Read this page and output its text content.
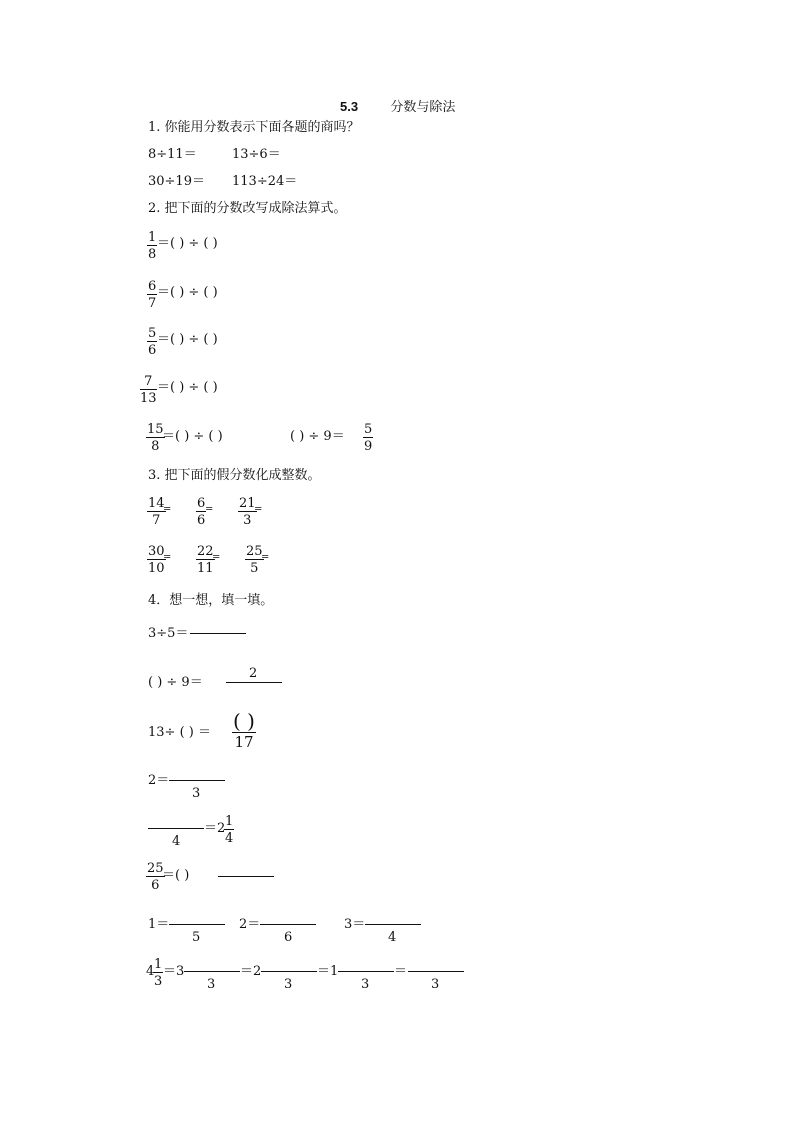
5.3 分数与除法
1. 你能用分数表示下面各题的商吗？
8÷11＝	13÷6＝
30÷19＝ 113÷24＝
2. 把下面的分数改写成除法算式。
1
8
＝( ) ÷ ( )
6
7
＝( ) ÷ ( )
5
6
＝( ) ÷ ( )
7
13
＝( ) ÷ ( )
15
8
＝( ) ÷ ( )	( ) ÷ 9＝ 5
9
3. 把下面的假分数化成整数。
14
7
= 6
6
= 21
3
=
30
10
= 22
11
= 25
5
=
4．想一想，填一填。
3÷5＝
( ) ÷ 9＝
2
13÷ ( ) ＝ ( )
17
2＝
3
4
＝2 1
4
25
6
＝( )
1＝
5
2＝
6
3＝
4
4 1
3
＝3
3
＝2
3
＝1
3
＝
3
